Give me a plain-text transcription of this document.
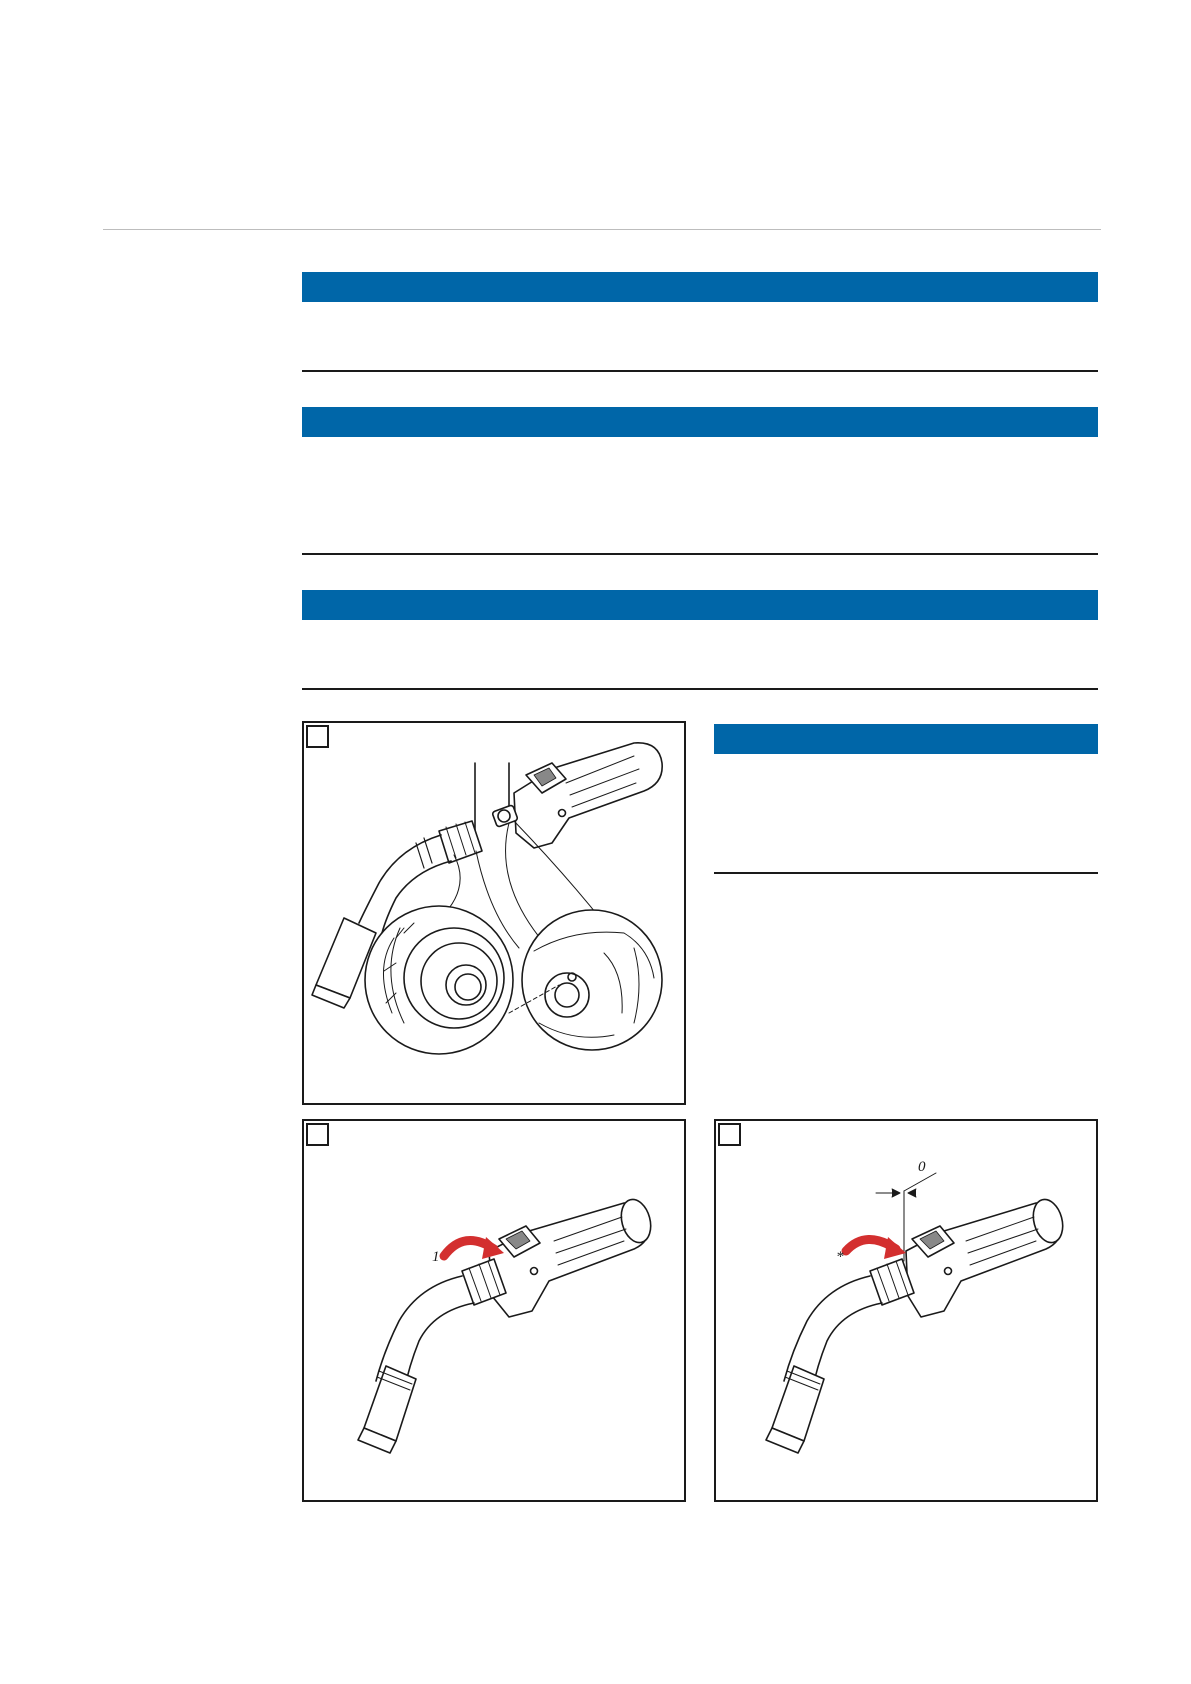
1	*
0
